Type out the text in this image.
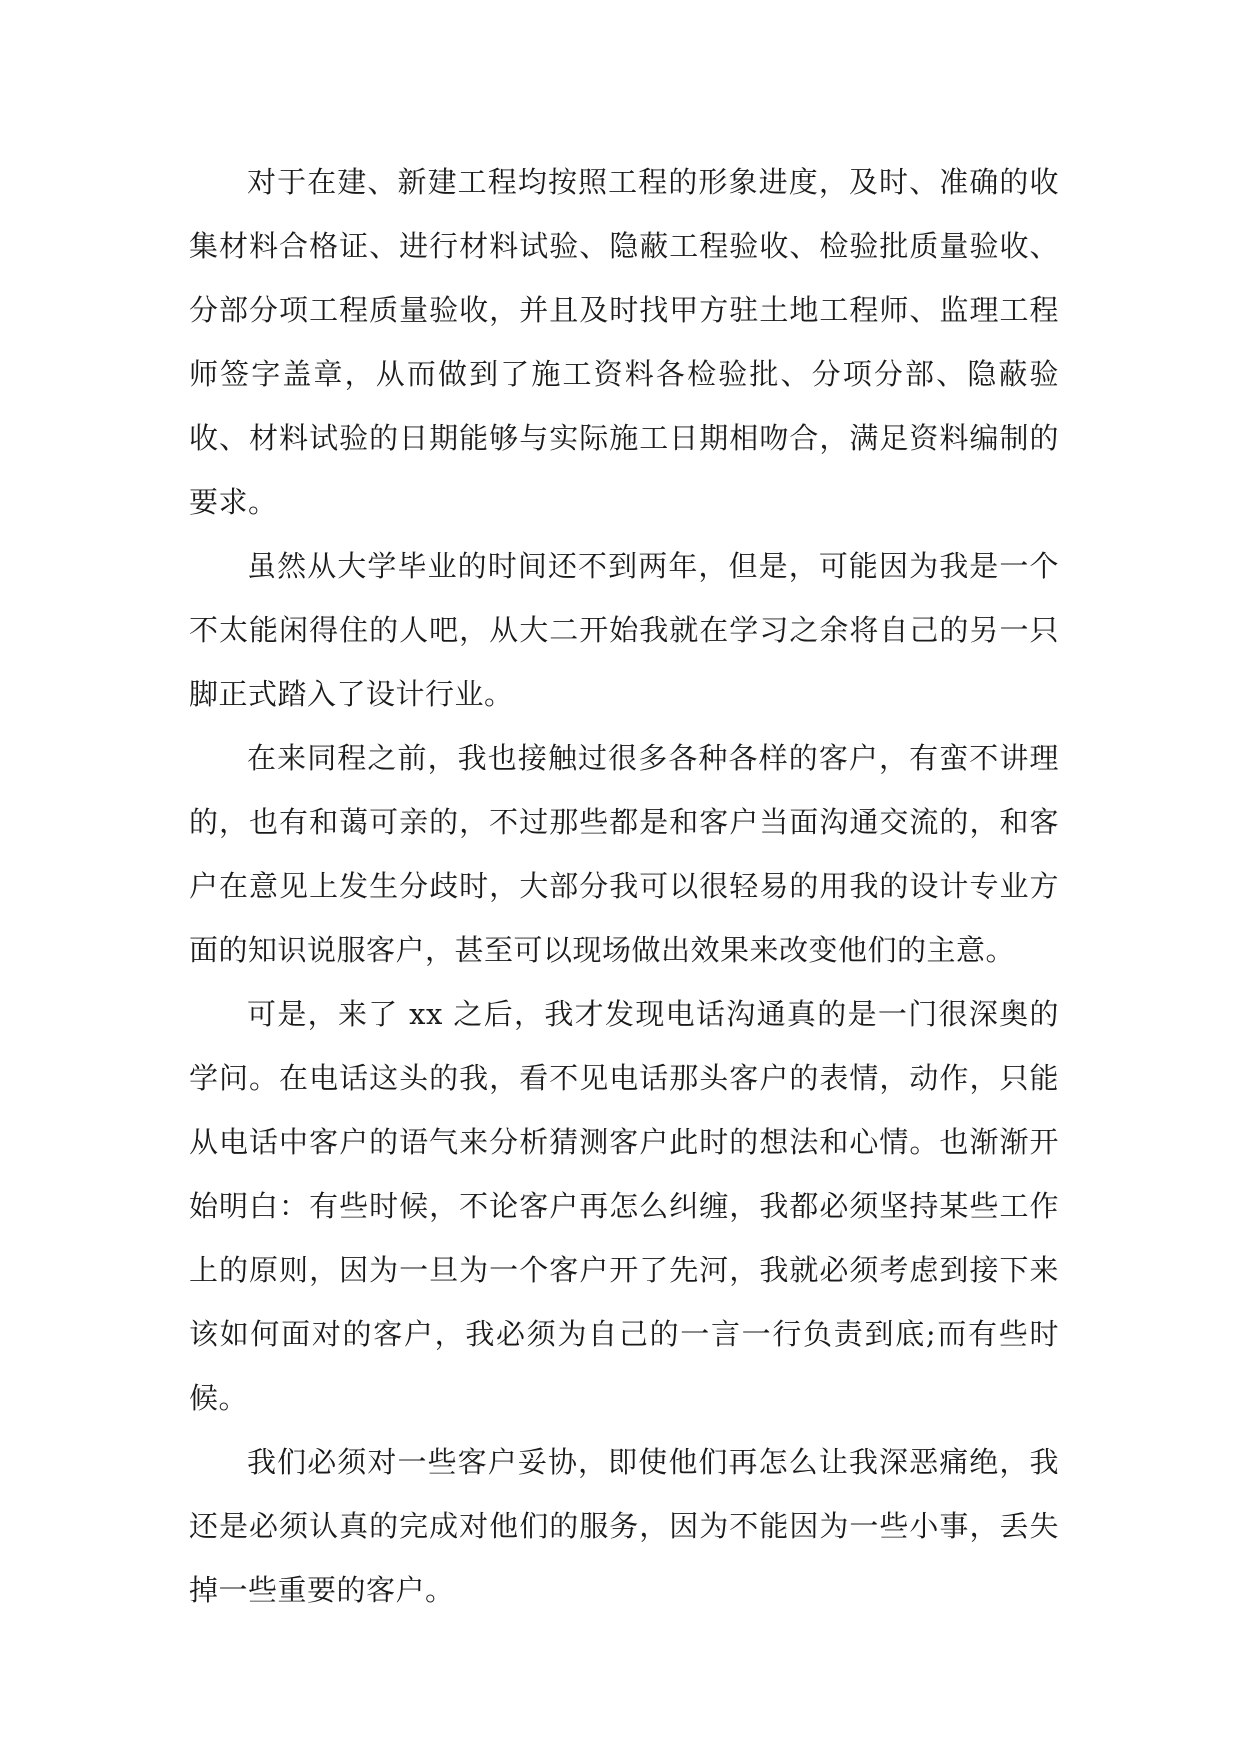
对于在建、新建工程均按照工程的形象进度，及时、准确的收集材料合格证、进行材料试验、隐蔽工程验收、检验批质量验收、分部分项工程质量验收，并且及时找甲方驻土地工程师、监理工程师签字盖章，从而做到了施工资料各检验批、分项分部、隐蔽验收、材料试验的日期能够与实际施工日期相吻合，满足资料编制的要求。

虽然从大学毕业的时间还不到两年，但是，可能因为我是一个不太能闲得住的人吧，从大二开始我就在学习之余将自己的另一只脚正式踏入了设计行业。

在来同程之前，我也接触过很多各种各样的客户，有蛮不讲理的，也有和蔼可亲的，不过那些都是和客户当面沟通交流的，和客户在意见上发生分歧时，大部分我可以很轻易的用我的设计专业方面的知识说服客户，甚至可以现场做出效果来改变他们的主意。

可是，来了 xx 之后，我才发现电话沟通真的是一门很深奥的学问。在电话这头的我，看不见电话那头客户的表情，动作，只能从电话中客户的语气来分析猜测客户此时的想法和心情。也渐渐开始明白：有些时候，不论客户再怎么纠缠，我都必须坚持某些工作上的原则，因为一旦为一个客户开了先河，我就必须考虑到接下来该如何面对的客户，我必须为自己的一言一行负责到底;而有些时候。

我们必须对一些客户妥协，即使他们再怎么让我深恶痛绝，我还是必须认真的完成对他们的服务，因为不能因为一些小事，丢失掉一些重要的客户。
